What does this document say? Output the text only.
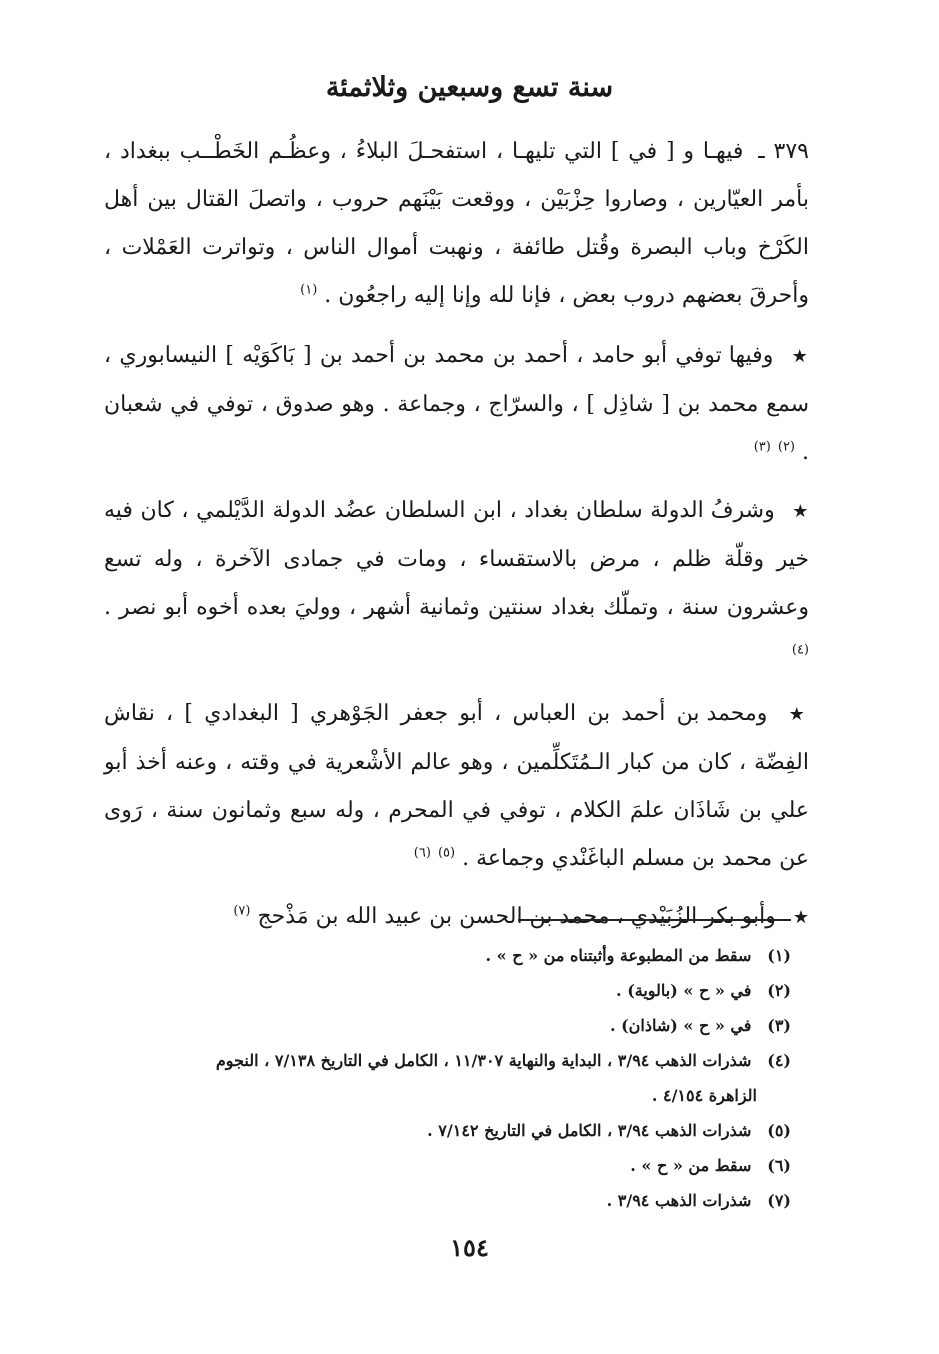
سنة تسع وسبعين وثلاثمئة

٣٧٩ ـ فيهـا و [ في ] التي تليهـا ، استفحـلَ البلاءُ ، وعظُـم الخَطْــب ببغداد ، بأمر العيّارين ، وصاروا حِزْبَيْن ، ووقعت بَيْنَهم حروب ، واتصلَ القتال بين أهل الكَرْخ وباب البصرة وقُتل طائفة ، ونهبت أموال الناس ، وتواترت العَمْلات ، وأحرقَ بعضهم دروب بعض ، فإنا لله وإنا إليه راجعُون . $^{(١)}$

★ وفيها توفي أبو حامد ، أحمد بن محمد بن أحمد بن [ بَاكَوَيْه ] النيسابوري ، سمع محمد بن [ شاذِل ] ، والسرّاج ، وجماعة . وهو صدوق ، توفي في شعبان . $^{(٢)}$ $^{(٣)}$

★ وشرفُ الدولة سلطان بغداد ، ابن السلطان عضُد الدولة الدَّيْلمي ، كان فيه خير وقلّة ظلم ، مرض بالاستقساء ، ومات في جمادى الآخرة ، وله تسع وعشرون سنة ، وتملّك بغداد سنتين وثمانية أشهر ، ووليَ بعده أخوه أبو نصر . $^{(٤)}$

★ ومحمد بن أحمد بن العباس ، أبو جعفر الجَوْهري [ البغدادي ] ، نقاش الفِضّة ، كان من كبار الـمُتَكلِّمين ، وهو عالم الأشْعرية في وقته ، وعنه أخذ أبو علي بن شَاذَان علمَ الكلام ، توفي في المحرم ، وله سبع وثمانون سنة ، رَوى عن محمد بن مسلم الباغَنْدي وجماعة . $^{(٥)}$ $^{(٦)}$

★ وأبو بكر الزُبَيْدي ، محمد بن الحسن بن عبيد الله بن مَذْحج $^{(٧)}$

(١) سقط من المطبوعة وأثبتناه من « ح » .

(٢) في « ح » (بالوية) .

(٣) في « ح » (شاذان) .

(٤) شذرات الذهب ٣/٩٤ ، البداية والنهاية ١١/٣٠٧ ، الكامل في التاريخ ٧/١٣٨ ، النجوم
الزاهرة ٤/١٥٤ .

(٥) شذرات الذهب ٣/٩٤ ، الكامل في التاريخ ٧/١٤٢ .

(٦) سقط من « ح » .

(٧) شذرات الذهب ٣/٩٤ .

١٥٤
